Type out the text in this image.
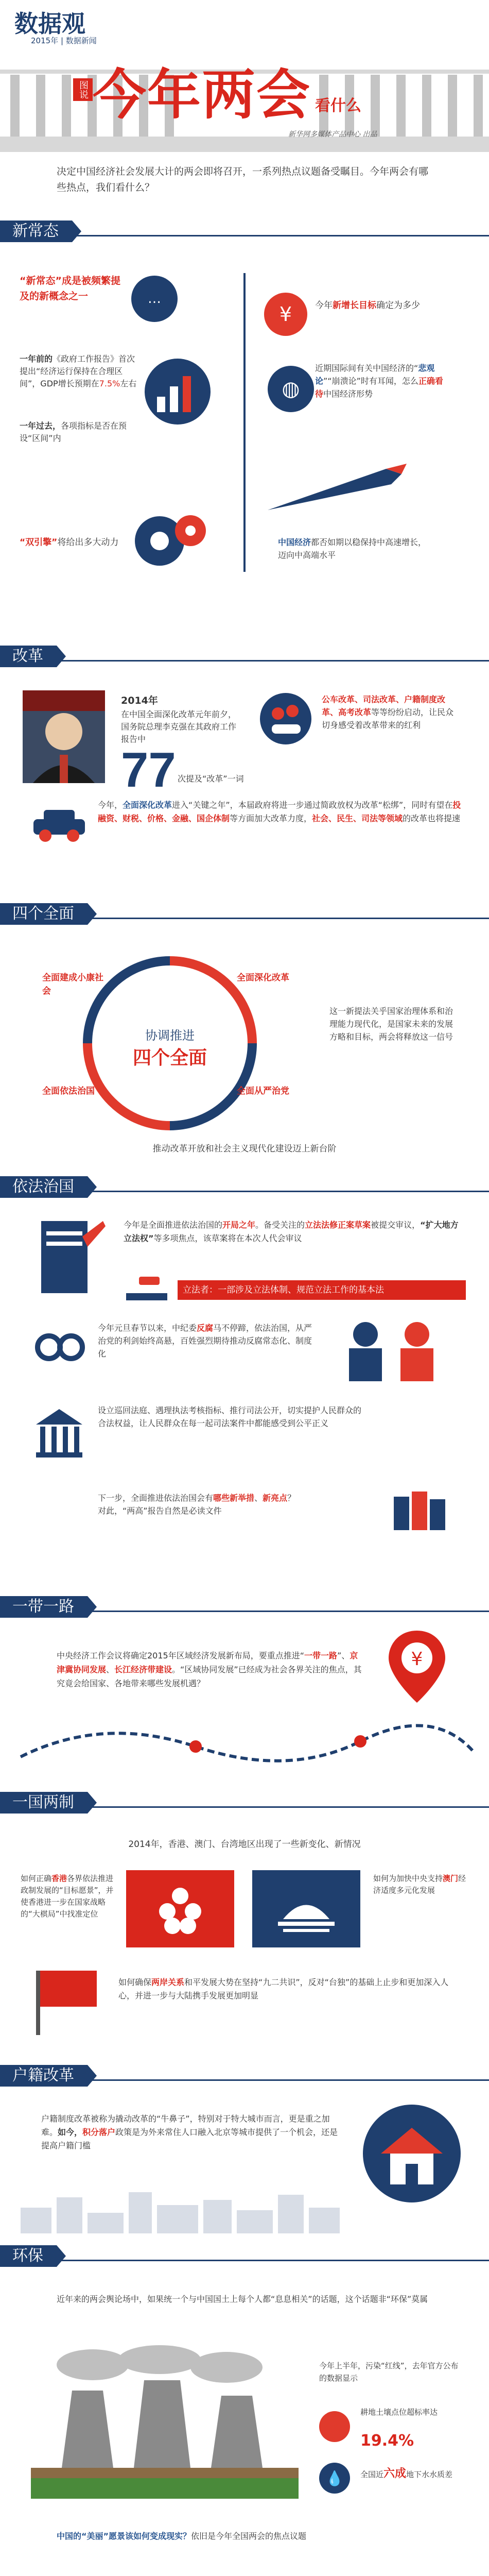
数据观
2015年 | 数据新闻
图说 今年两会 看什么
新华网多媒体产品中心 出品
决定中国经济社会发展大计的两会即将召开，一系列热点议题备受瞩目。今年两会有哪些热点，我们看什么？
新常态
“新常态”成是被频繁提及的新概念之一	…
一年前的《政府工作报告》首次提出“经济运行保持在合理区间”，GDP增长预期在7.5%左右
一年过去，各项指标是否在预设“区间”内
“双引擎”将给出多大动力
¥	今年新增长目标确定为多少
◍
近期国际间有关中国经济的“悲观论”“崩溃论”时有耳闻，怎么正确看待中国经济形势
中国经济都否如期以稳保持中高速增长，迈向中高端水平
改革
2014年
在中国全面深化改革元年前夕，国务院总理李克强在其政府工作报告中
77 次提及“改革”一词
公车改革、司法改革、户籍制度改革、高考改革等等纷纷启动，让民众切身感受着改革带来的红利
今年，全面深化改革进入“关键之年”，本届政府将进一步通过简政放权为改革“松绑”，同时有望在投融资、财税、价格、金融、国企体制等方面加大改革力度，社会、民生、司法等领域的改革也将提速
四个全面
全面建成小康社会
全面深化改革
全面依法治国	全面从严治党
协调推进
四个全面
这一新提法关乎国家治理体系和治理能力现代化，是国家未来的发展方略和目标，两会将释放这一信号
推动改革开放和社会主义现代化建设迈上新台阶
依法治国
今年是全面推进依法治国的开局之年。备受关注的立法法修正案草案被提交审议，“扩大地方立法权”等多项焦点，该草案将在本次人代会审议
立法者：一部涉及立法体制、规范立法工作的基本法
今年元旦春节以来，中纪委反腐马不停蹄，依法治国，从严治党的利剑始终高悬，百姓强烈期待推动反腐常态化、制度化
设立巡回法庭、遇理执法考核指标、推行司法公开，切实提护人民群众的合法权益，让人民群众在每一起司法案件中都能感受到公平正义
下一步，全面推进依法治国会有哪些新举措、新亮点？
对此，“两高”报告自然是必读文件
一带一路
中央经济工作会议将确定2015年区域经济发展新布局，要重点推进“一带一路”、京津冀协同发展、长江经济带建设。“区域协同发展”已经成为社会各界关注的焦点，其究竟会给国家、各地带来哪些发展机遇？
¥
一国两制
2014年，香港、澳门、台湾地区出现了一些新变化、新情况
如何正确香港各界依法推进政制发展的“目标愿景”，并使香港进一步在国家战略的“大棋局”中找准定位
如何为加快中央支持澳门经济适度多元化发展
如何确保两岸关系和平发展大势在坚持“九二共识”，反对“台独”的基础上止步和更加深入人心，并进一步与大陆携手发展更加明显
户籍改革
户籍制度改革被称为撬动改革的“牛鼻子”，特别对于特大城市而言，更是重之加难。如今，积分落户政策是为外来常住人口融入北京等城市提供了一个机会，还是提高户籍门槛
环保
近年来的两会舆论场中，如果统一个与中国国土上每个人都“息息相关”的话题，这个话题非“环保”莫属
今年上半年，污染“红线”，去年官方公布的数据显示
耕地土壤点位超标率达
19.4%
💧	全国近六成地下水水质差
中国的“美丽”愿景该如何变成现实？依旧是今年全国两会的焦点议题
